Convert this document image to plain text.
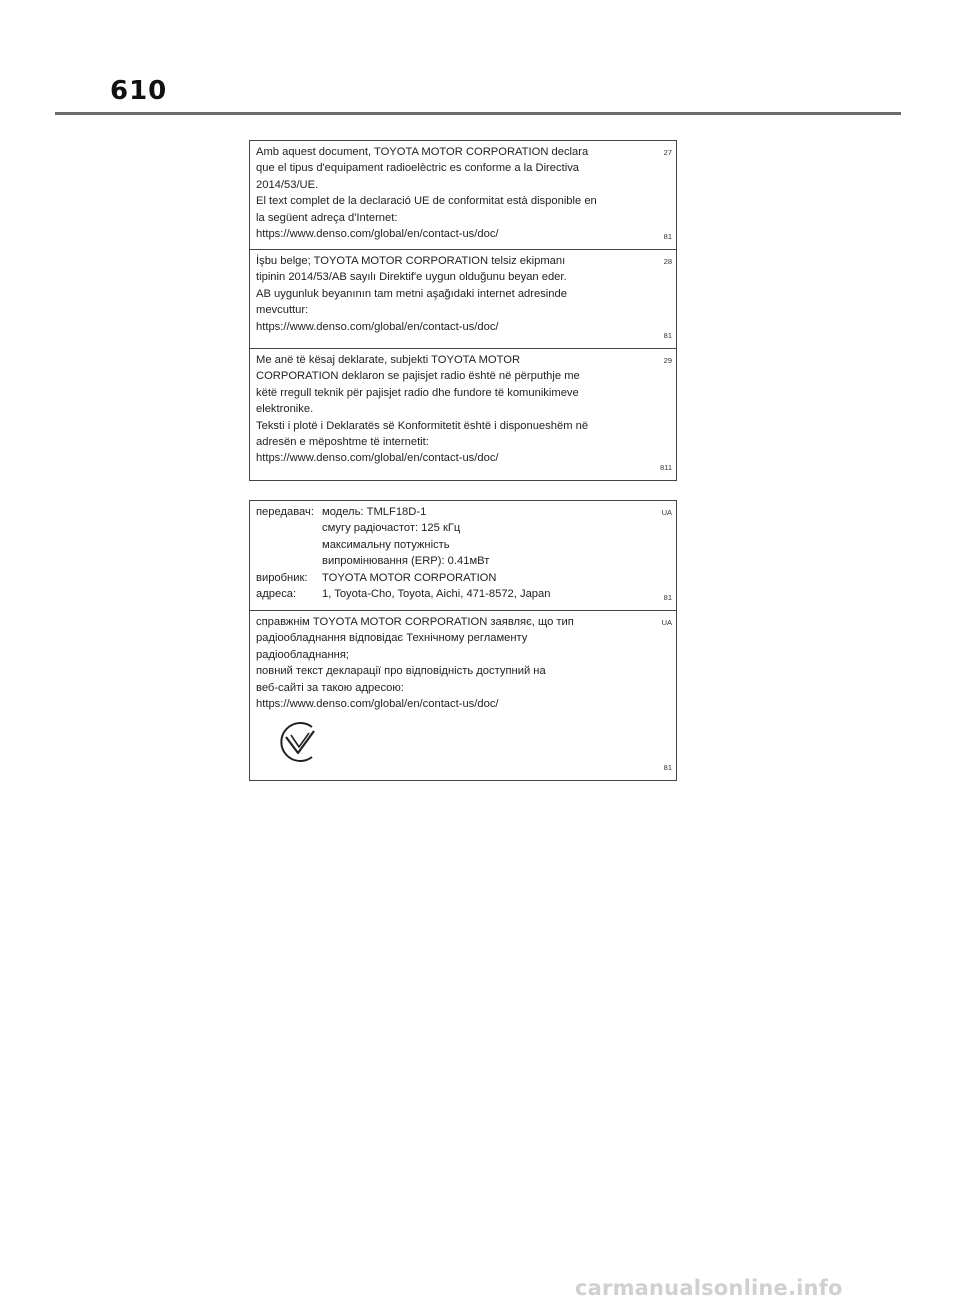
610

Amb aquest document, TOYOTA MOTOR CORPORATION declara
que el tipus d'equipament radioelèctric es conforme a la Directiva
2014/53/UE.
El text complet de la declaració UE de conformitat està disponible en
la següent adreça d'Internet:
https://www.denso.com/global/en/contact-us/doc/

27
81

İşbu belge; TOYOTA MOTOR CORPORATION telsiz ekipmanı
tipinin 2014/53/AB sayılı Direktif'e uygun olduğunu beyan eder.
AB uygunluk beyanının tam metni aşağıdaki internet adresinde
mevcuttur:
https://www.denso.com/global/en/contact-us/doc/

28
81

Me anë të kësaj deklarate, subjekti TOYOTA MOTOR
CORPORATION deklaron se pajisjet radio është në përputhje me
këtë rregull teknik për pajisjet radio dhe fundore të komunikimeve
elektronike.
Teksti i plotë i Deklaratës së Konformitetit është i disponueshëm në
adresën e mëposhtme të internetit:
https://www.denso.com/global/en/contact-us/doc/

29
811
передавач: модель: TMLF18D-1
смугу радіочастот: 125 кГц
максимальну потужність
випромінювання (ERP): 0.41мВт
виробник:	TOYOTA MOTOR CORPORATION
адреса:	1, Toyota-Cho, Toyota, Aichi, 471-8572, Japan
UA
81

справжнім TOYOTA MOTOR CORPORATION заявляє, що тип
радіообладнання відповідає Технічному регламенту
радіообладнання;
повний текст декларації про відповідність доступний на
веб-сайті за такою адресою:
https://www.denso.com/global/en/contact-us/doc/

UA
81
carmanualsonline.info
